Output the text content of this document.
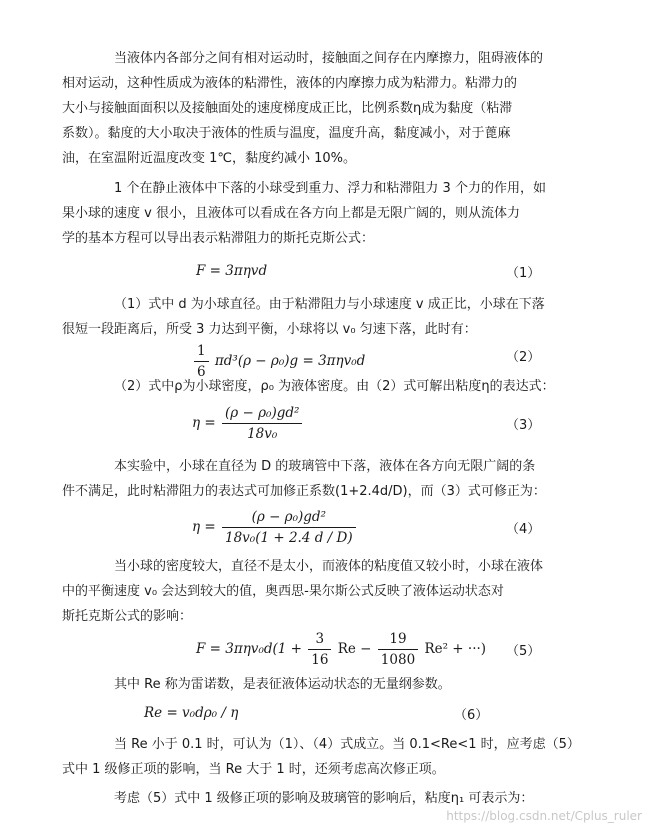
当液体内各部分之间有相对运动时，接触面之间存在内摩擦力，阻碍液体的
相对运动，这种性质成为液体的粘滞性，液体的内摩擦力成为粘滞力。粘滞力的
大小与接触面面积以及接触面处的速度梯度成正比，比例系数η成为黏度（粘滞
系数）。黏度的大小取决于液体的性质与温度，温度升高，黏度减小，对于蓖麻
油，在室温附近温度改变 1℃，黏度约减小 10%。
1 个在静止液体中下落的小球受到重力、浮力和粘滞阻力 3 个力的作用，如
果小球的速度 v 很小，且液体可以看成在各方向上都是无限广阔的，则从流体力
学的基本方程可以导出表示粘滞阻力的斯托克斯公式：
F = 3πηvd	（1）
（1）式中 d 为小球直径。由于粘滞阻力与小球速度 v 成正比，小球在下落
很短一段距离后，所受 3 力达到平衡，小球将以 v₀ 匀速下落，此时有：
$\frac{1}{6} \pi d^3(\rho - \rho_0)g = 3\pi\eta v_0d$	（2）
（2）式中ρ为小球密度，ρ₀ 为液体密度。由（2）式可解出粘度η的表达式：
$\eta = \frac{\text{(ρ − ρ₀)gd²}}{\text{18v₀}}$	（3）
本实验中，小球在直径为 D 的玻璃管中下落，液体在各方向无限广阔的条
件不满足，此时粘滞阻力的表达式可加修正系数(1+2.4d/D)，而（3）式可修正为：
$\eta = \frac{\text{(ρ − ρ₀)gd²}}{\text{18v₀(1 + 2.4 d / D)}}$	（4）
当小球的密度较大，直径不是太小，而液体的粘度值又较小时，小球在液体
中的平衡速度 v₀ 会达到较大的值，奥西思-果尔斯公式反映了液体运动状态对
斯托克斯公式的影响：
$F = 3\pi\eta v_0d(1 + \frac{3}{16}$ $Re - \frac{19}{1080} Re^2$ + ···) （5）
其中 Re 称为雷诺数，是表征液体运动状态的无量纲参数。
Re = v₀dρ₀ / η	（6）
当 Re 小于 0.1 时，可认为（1）、（4）式成立。当 0.1<Re<1 时，应考虑（5）
式中 1 级修正项的影响，当 Re 大于 1 时，还须考虑高次修正项。
考虑（5）式中 1 级修正项的影响及玻璃管的影响后，粘度η₁ 可表示为：
https://blog.csdn.net/Cplus_ruler
